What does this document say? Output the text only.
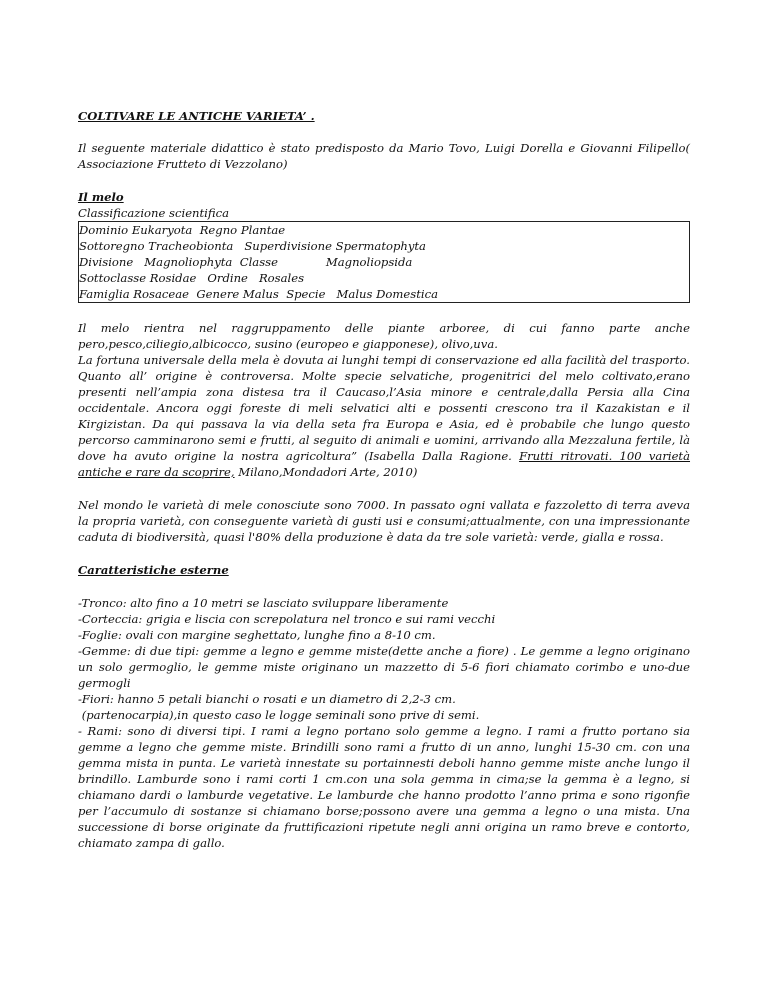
COLTIVARE LE ANTICHE VARIETA’ .

Il seguente materiale didattico è stato predisposto da Mario Tovo, Luigi Dorella e Giovanni Filipello( Associazione Frutteto di Vezzolano)

Il melo

Classificazione scientifica

Dominio Eukaryota  Regno Plantae

Sottoregno Tracheobionta   Superdivisione Spermatophyta

Divisione   Magnoliophyta  Classe             Magnoliopsida

Sottoclasse Rosidae   Ordine   Rosales

Famiglia Rosaceae  Genere Malus  Specie   Malus Domestica

Il melo rientra nel raggruppamento delle piante arboree, di cui fanno parte anche pero,pesco,ciliegio,albicocco, susino (europeo e giapponese), olivo,uva.

La fortuna universale della mela è dovuta ai lunghi tempi di conservazione ed alla facilità del trasporto. Quanto all’ origine è controversa. Molte specie selvatiche, progenitrici del melo coltivato,erano presenti nell’ampia zona distesa tra il Caucaso,l’Asia minore e centrale,dalla Persia alla Cina occidentale. Ancora oggi foreste di meli selvatici alti e possenti crescono tra il Kazakistan e il Kirgizistan. Da qui passava la via della seta fra Europa e Asia, ed è probabile che lungo questo percorso camminarono semi e frutti, al seguito di animali e uomini, arrivando alla Mezzaluna fertile, là dove ha avuto origine la nostra agricoltura” (Isabella Dalla Ragione. Frutti ritrovati. 100 varietà antiche e rare da scoprire, Milano,Mondadori Arte, 2010)

Nel mondo le varietà di mele conosciute sono 7000. In passato ogni vallata e fazzoletto di terra aveva la propria varietà, con conseguente varietà di gusti usi e consumi;attualmente, con una impressionante caduta di biodiversità, quasi l'80% della produzione è data da tre sole varietà: verde, gialla e rossa.

Caratteristiche esterne

-Tronco: alto fino a 10 metri se lasciato sviluppare liberamente
-Corteccia: grigia e liscia con screpolatura nel tronco e sui rami vecchi
-Foglie: ovali con margine seghettato, lunghe fino a 8-10 cm.
-Gemme: di due tipi: gemme a legno e gemme miste(dette anche a fiore) . Le gemme a legno originano un solo germoglio, le gemme miste originano un mazzetto di 5-6 fiori chiamato corimbo e uno-due germogli
-Fiori: hanno 5 petali bianchi o rosati e un diametro di 2,2-3 cm.
(partenocarpia),in questo caso le logge seminali sono prive di semi.
- Rami: sono di diversi tipi. I rami a legno portano solo gemme a legno. I rami a frutto portano sia gemme a legno che gemme miste. Brindilli sono rami a frutto di un anno, lunghi 15-30 cm. con una gemma mista in punta. Le varietà innestate su portainnesti deboli hanno gemme miste anche lungo il brindillo. Lamburde sono i rami corti 1 cm.con una sola gemma in cima;se la gemma è a legno, si chiamano dardi o lamburde vegetative. Le lamburde che hanno prodotto l’anno prima e sono rigonfie per l’accumulo di sostanze si chiamano borse;possono avere una gemma a legno o una mista. Una successione di borse originate da fruttificazioni ripetute negli anni origina un ramo breve e contorto, chiamato zampa di gallo.
